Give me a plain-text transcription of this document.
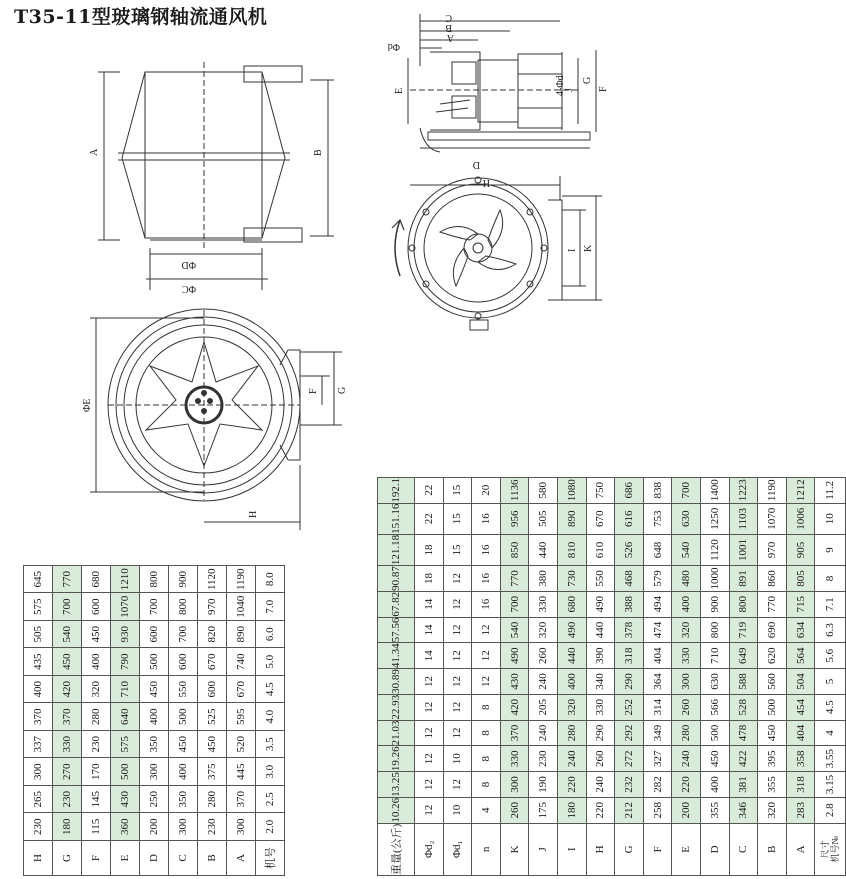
T35-11型玻璃钢轴流通风机
A	B
ΦD
ΦC
ΦE
F G
H
C
B
A
Φd
E	4-Φd
J
G
F
D
H
I K
H	230	265	300	337	370	400	435	505	575	645
G	180	230	270	330	370	420	450	540	700	770
F	115	145	170	230	280	320	400	450	600	680
E	360	430	500	575	640	710	790	930	1070	1210
D	200	250	300	350	400	450	500	600	700	800
C	300	350	400	450	500	550	600	700	800	900
B	230	280	375	450	525	600	670	820	970	1120
A	300	370	445	520	595	670	740	890	1040	1190
机号	2.0	2.5	3.0	3.5	4.0	4.5	5.0	6.0	7.0	8.0
重量(公斤)	10.26	13.25	19.26	21.03	22.93	30.89	41.34	57.56	67.82	90.87	121.18	151.16	192.1
Φd₂	12	12	12	12	12	12	14	14	14	18	18	22	22
Φd₁	10	12	10	12	12	12	12	12	12	12	15	15	15
n	4	8	8	8	8	12	12	12	16	16	16	16	20
K	260	300	330	370	420	430	490	540	700	770	850	956	1136
J	175	190	230	240	205	240	260	320	330	380	440	505	580
I	180	220	240	280	320	400	440	490	680	730	810	890	1080
H	220	240	260	290	330	340	390	440	490	550	610	670	750
G	212	232	272	292	252	290	318	378	388	468	526	616	686
F	258	282	327	349	314	364	404	474	494	579	648	753	838
E	200	220	240	280	260	300	330	320	400	480	540	630	700
D	355	400	450	500	566	630	710	800	900	1000	1120	1250	1400
C	346	381	422	478	528	588	649	719	800	891	1001	1103	1223
B	320	355	395	450	500	560	620	690	770	860	970	1070	1190
A	283	318	358	404	454	504	564	634	715	805	905	1006	1212

尺寸 机号№	2.8	3.15	3.55	4	4.5	5	5.6	6.3	7.1	8	9	10	11.2
